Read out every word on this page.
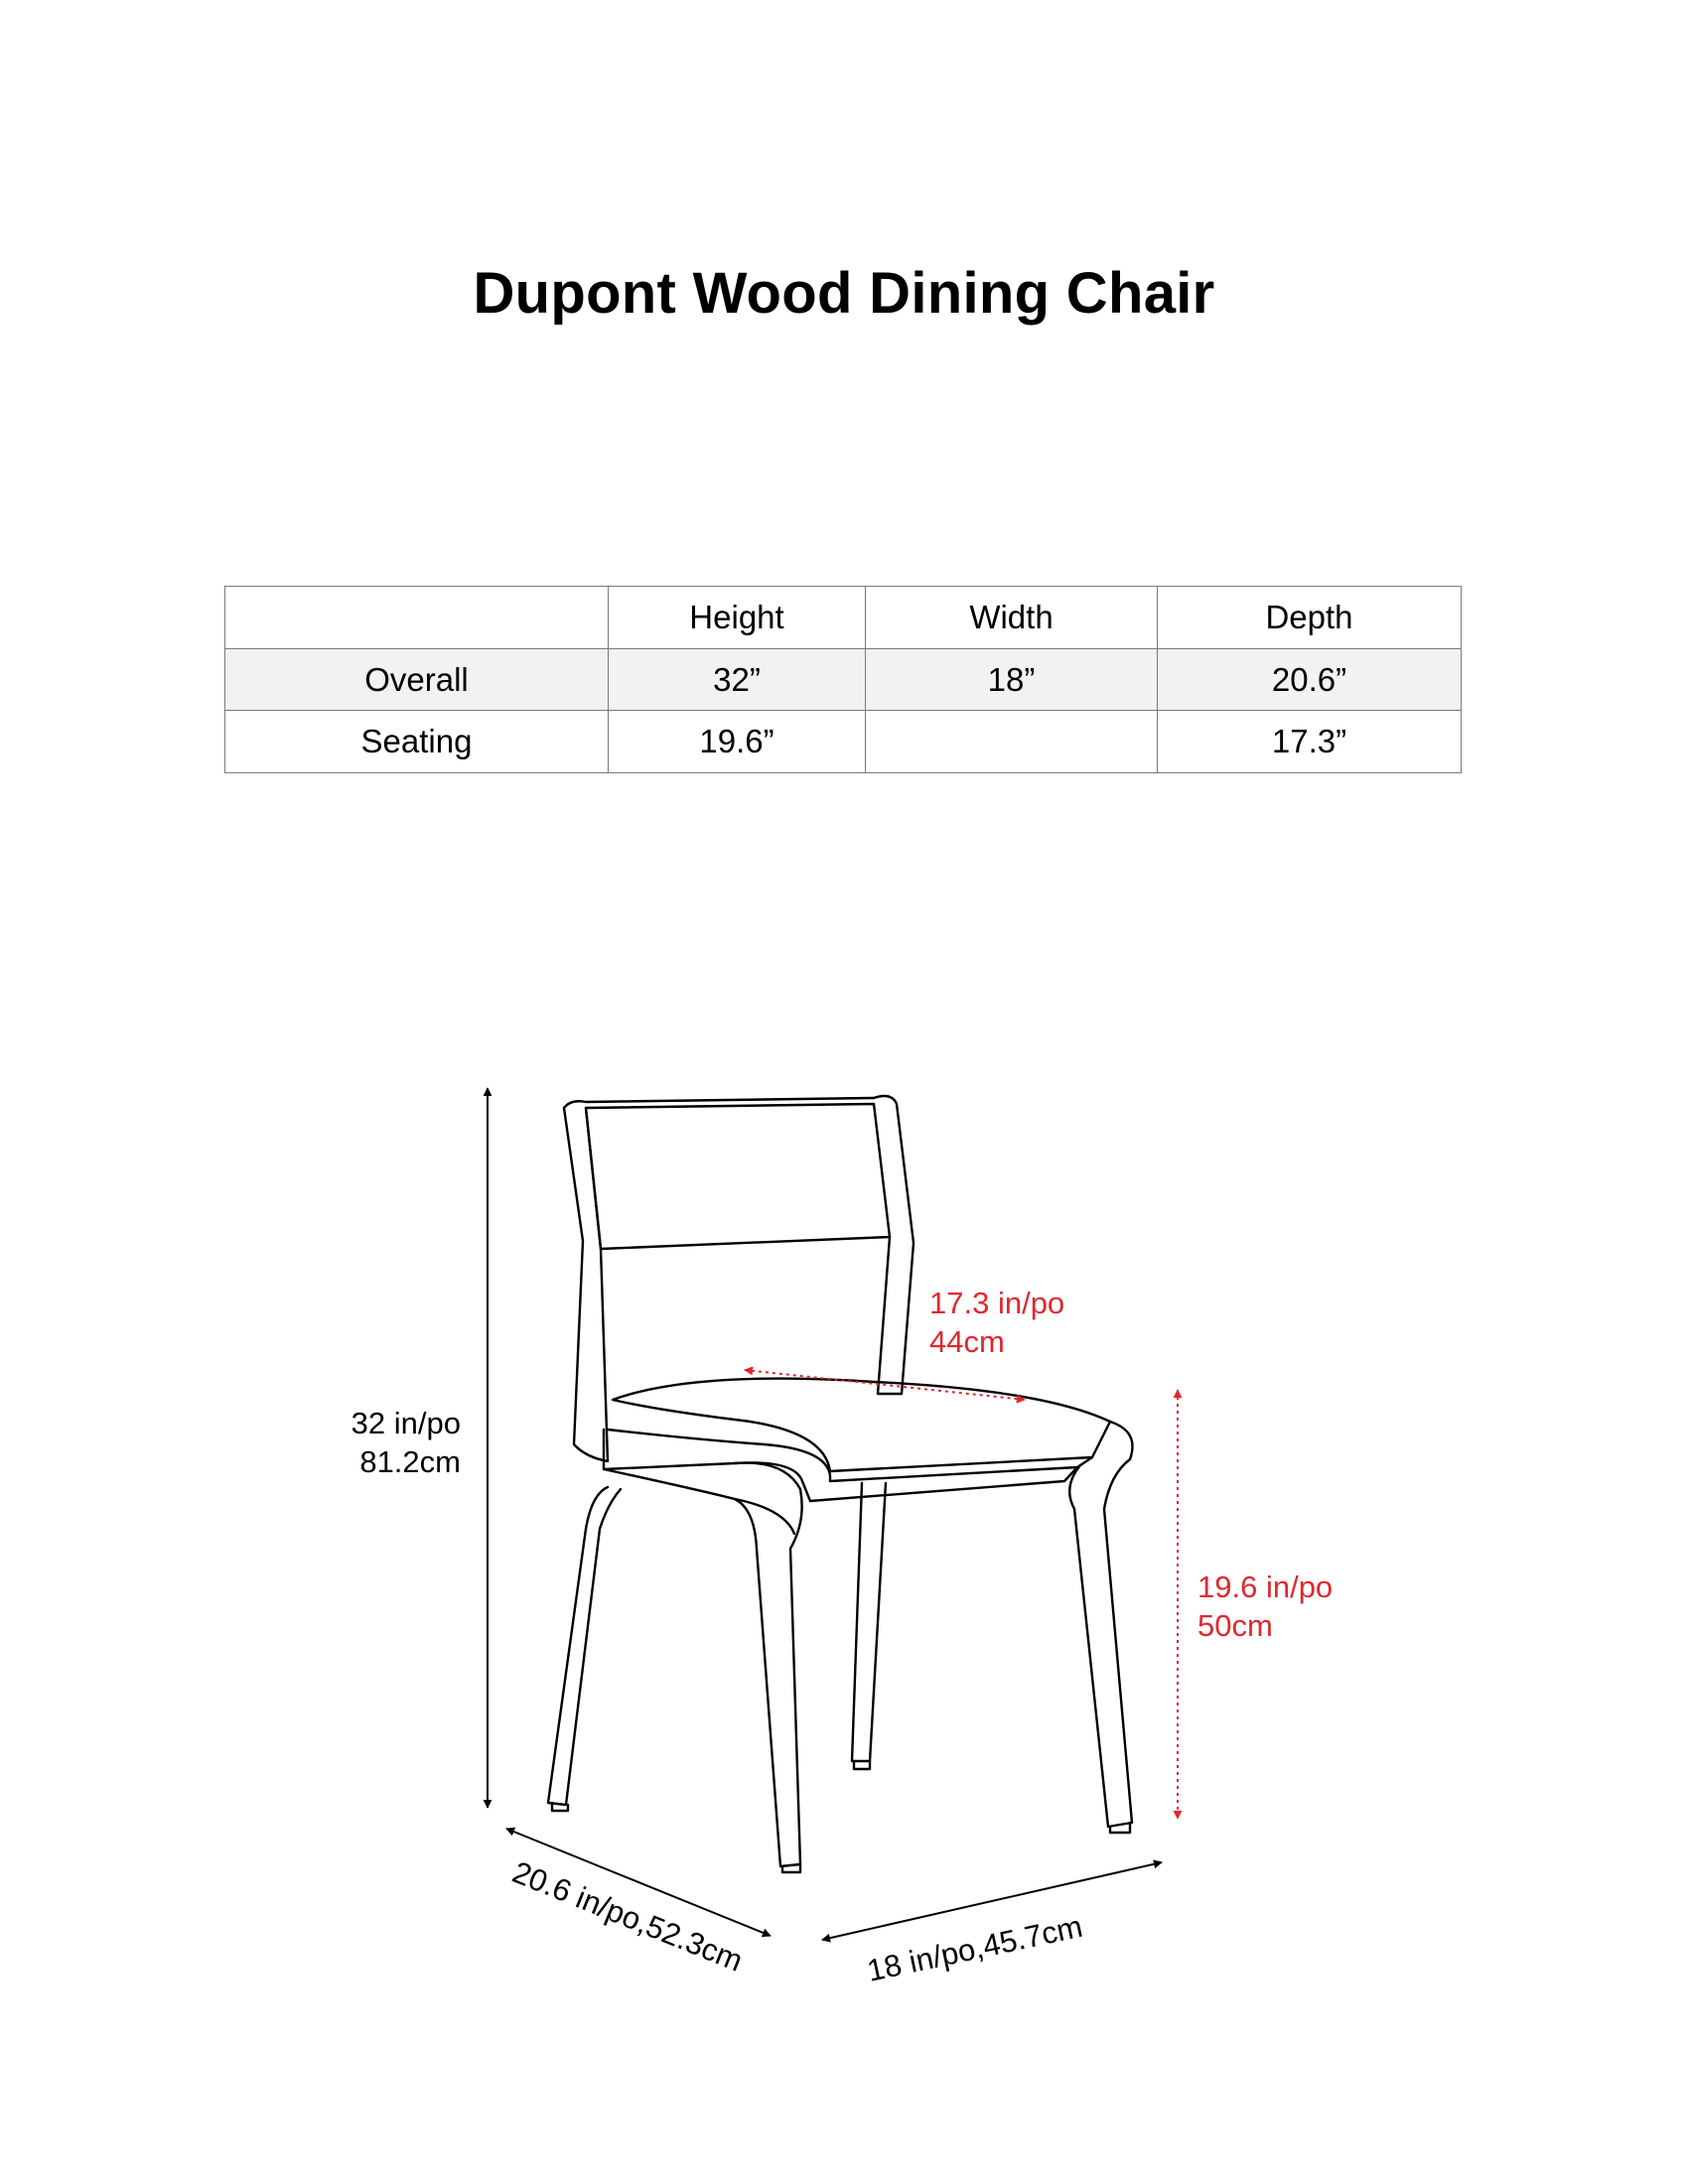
Dupont Wood Dining Chair
	Height	Width	Depth
Overall	32”	18”	20.6”
Seating	19.6”		17.3”
32 in/po
81.2cm
17.3 in/po
44cm
19.6 in/po
50cm
20.6 in/po,52.3cm	18 in/po,45.7cm
